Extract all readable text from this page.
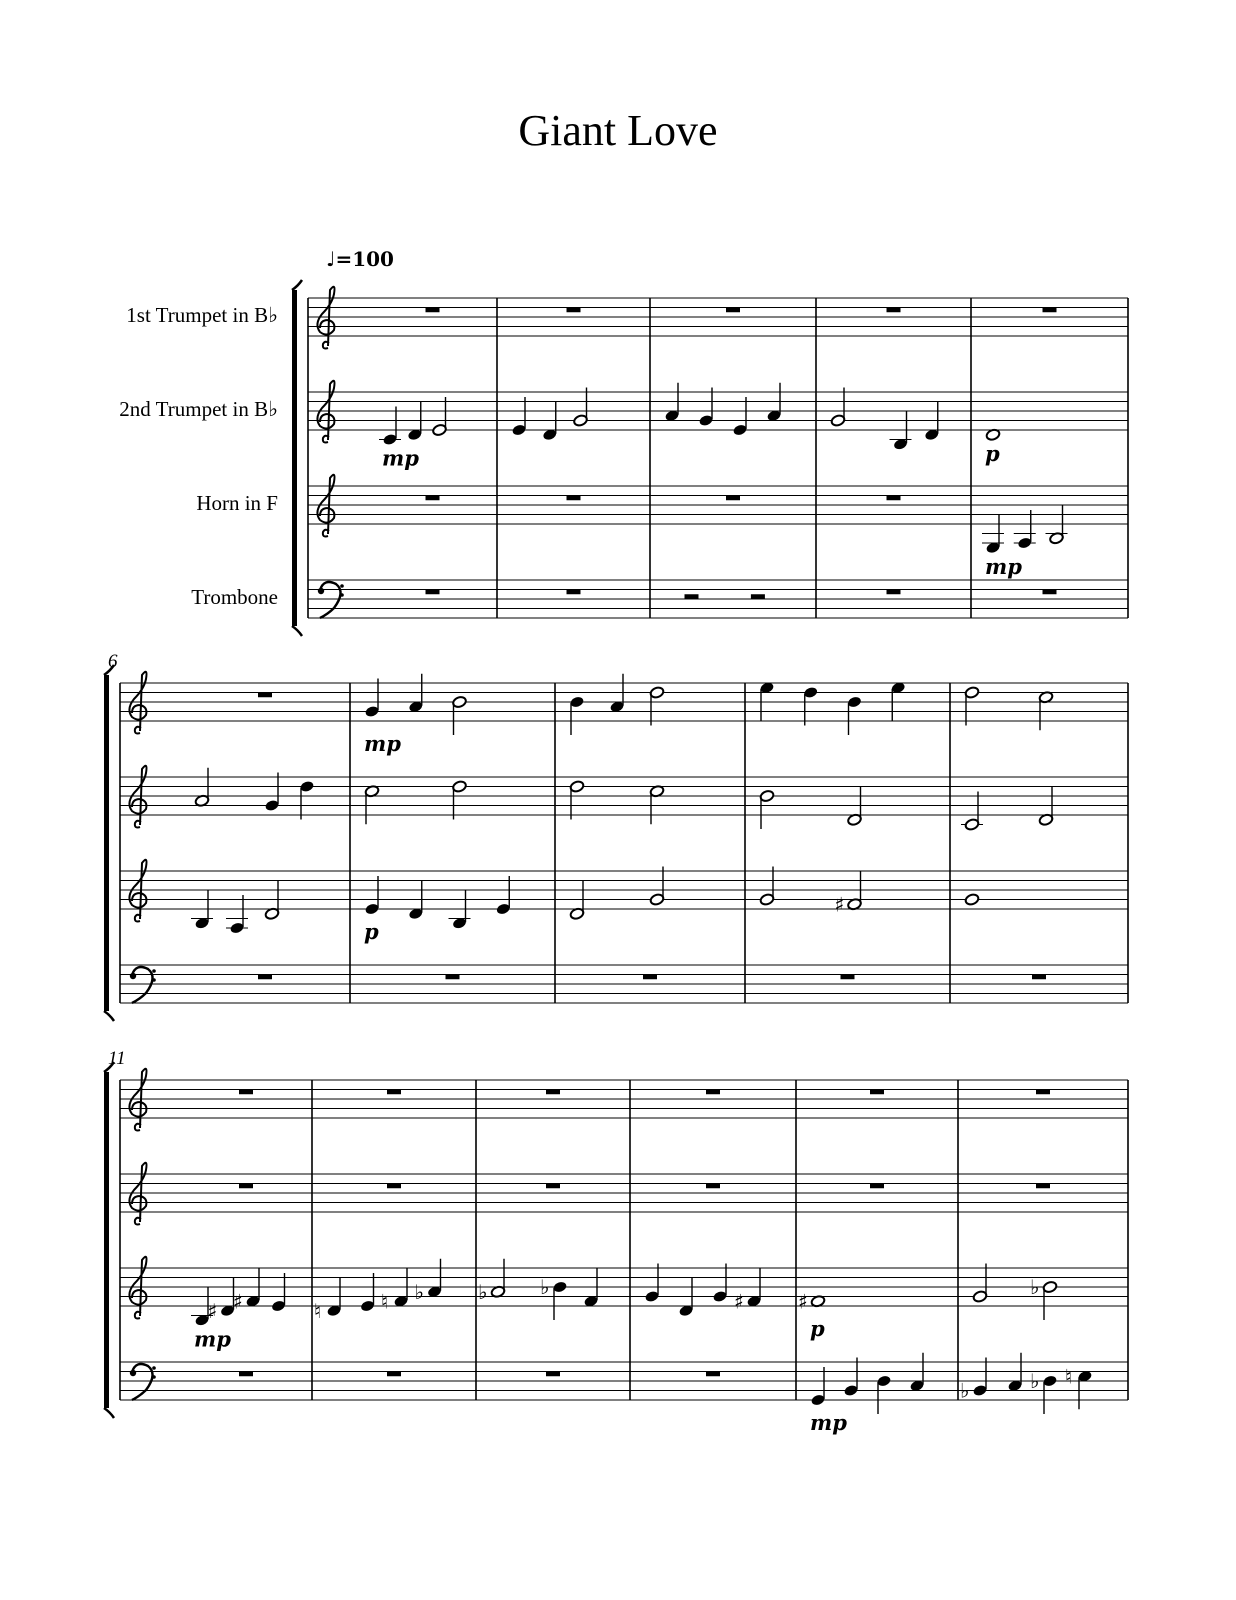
Giant Love
♩=100
1st Trumpet in B♭
2nd Trumpet in B♭
mp	p
Horn in F
mp
Trombone
6
mp
p
♯
11
mp
♯ ♯	♮	♮ ♭	♭	♭
♯	♯
p
♭
mp
♭	♭ ♮
